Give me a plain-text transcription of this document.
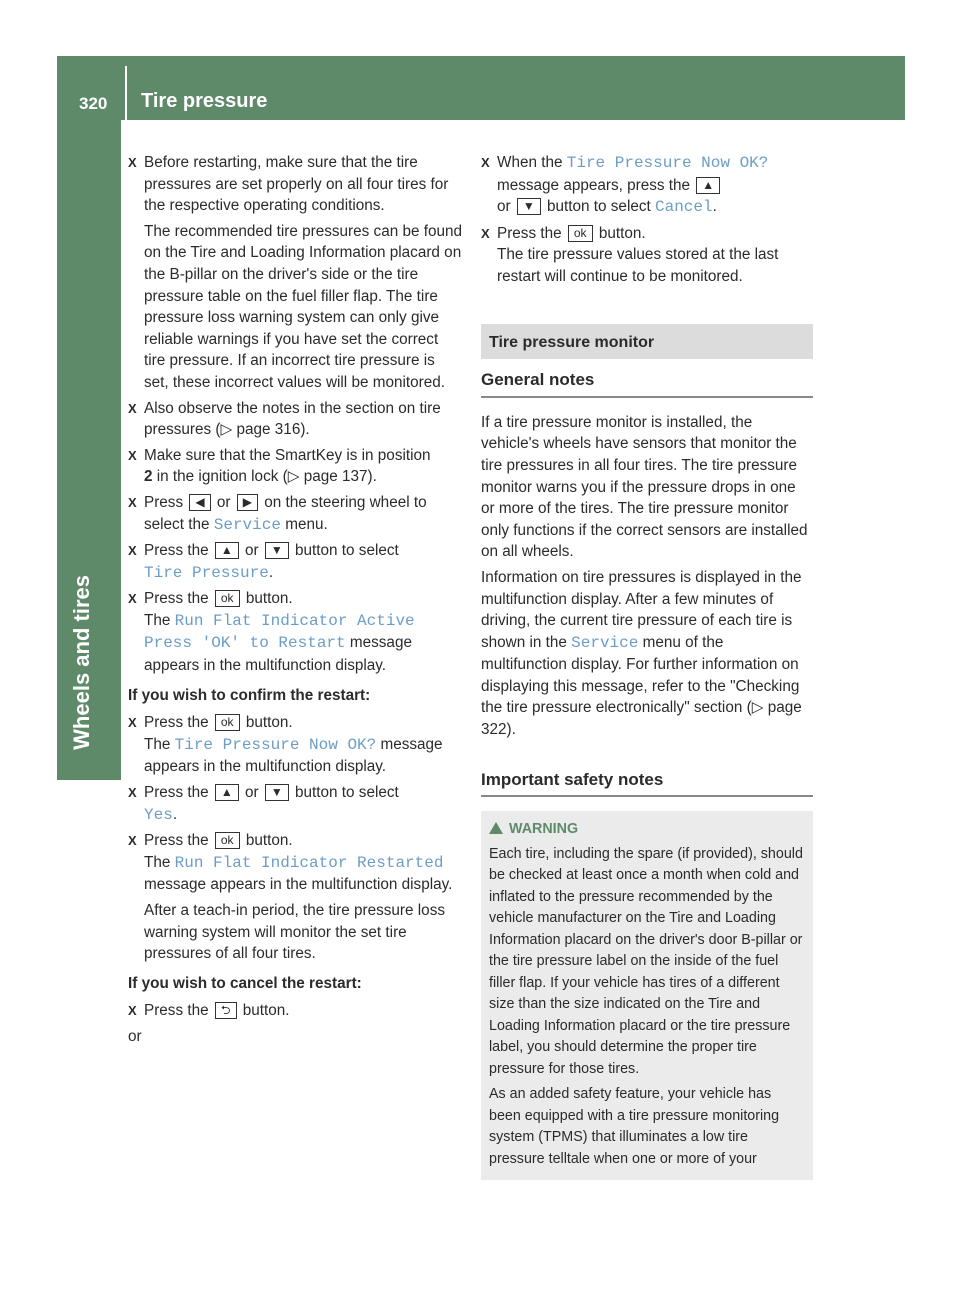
320 Tire pressure
Wheels and tires
X Before restarting, make sure that the tire pressures are set properly on all four tires for the respective operating conditions.
The recommended tire pressures can be found on the Tire and Loading Information placard on the B-pillar on the driver's side or the tire pressure table on the fuel filler flap. The tire pressure loss warning system can only give reliable warnings if you have set the correct tire pressure. If an incorrect tire pressure is set, these incorrect values will be monitored.
X Also observe the notes in the section on tire pressures (▷ page 316).
X Make sure that the SmartKey is in position
2 in the ignition lock (▷ page 137).
X Press ◀ or ▶ on the steering wheel to select the Service menu.
X Press the ▲ or ▼ button to select
Tire Pressure.
X Press the ok button.
The Run Flat Indicator Active Press 'OK' to Restart message appears in the multifunction display.
If you wish to confirm the restart:
X Press the ok button.
The Tire Pressure Now OK? message appears in the multifunction display.
X Press the ▲ or ▼ button to select
Yes.
X Press the ok button.
The Run Flat Indicator Restarted message appears in the multifunction display.
After a teach-in period, the tire pressure loss warning system will monitor the set tire pressures of all four tires.
If you wish to cancel the restart:
X Press the ⮌ button.
or
X When the Tire Pressure Now OK?
message appears, press the ▲
or ▼ button to select Cancel.
X Press the ok button.
The tire pressure values stored at the last restart will continue to be monitored.
Tire pressure monitor
General notes
If a tire pressure monitor is installed, the vehicle's wheels have sensors that monitor the tire pressures in all four tires. The tire pressure monitor warns you if the pressure drops in one or more of the tires. The tire pressure monitor only functions if the correct sensors are installed on all wheels.
Information on tire pressures is displayed in the multifunction display. After a few minutes of driving, the current tire pressure of each tire is shown in the Service menu of the multifunction display. For further information on displaying this message, refer to the "Checking the tire pressure electronically" section (▷ page 322).
Important safety notes
WARNING
Each tire, including the spare (if provided), should be checked at least once a month when cold and inflated to the pressure recommended by the vehicle manufacturer on the Tire and Loading Information placard on the driver's door B-pillar or the tire pressure label on the inside of the fuel filler flap. If your vehicle has tires of a different size than the size indicated on the Tire and Loading Information placard or the tire pressure label, you should determine the proper tire pressure for those tires.
As an added safety feature, your vehicle has been equipped with a tire pressure monitoring system (TPMS) that illuminates a low tire pressure telltale when one or more of your
